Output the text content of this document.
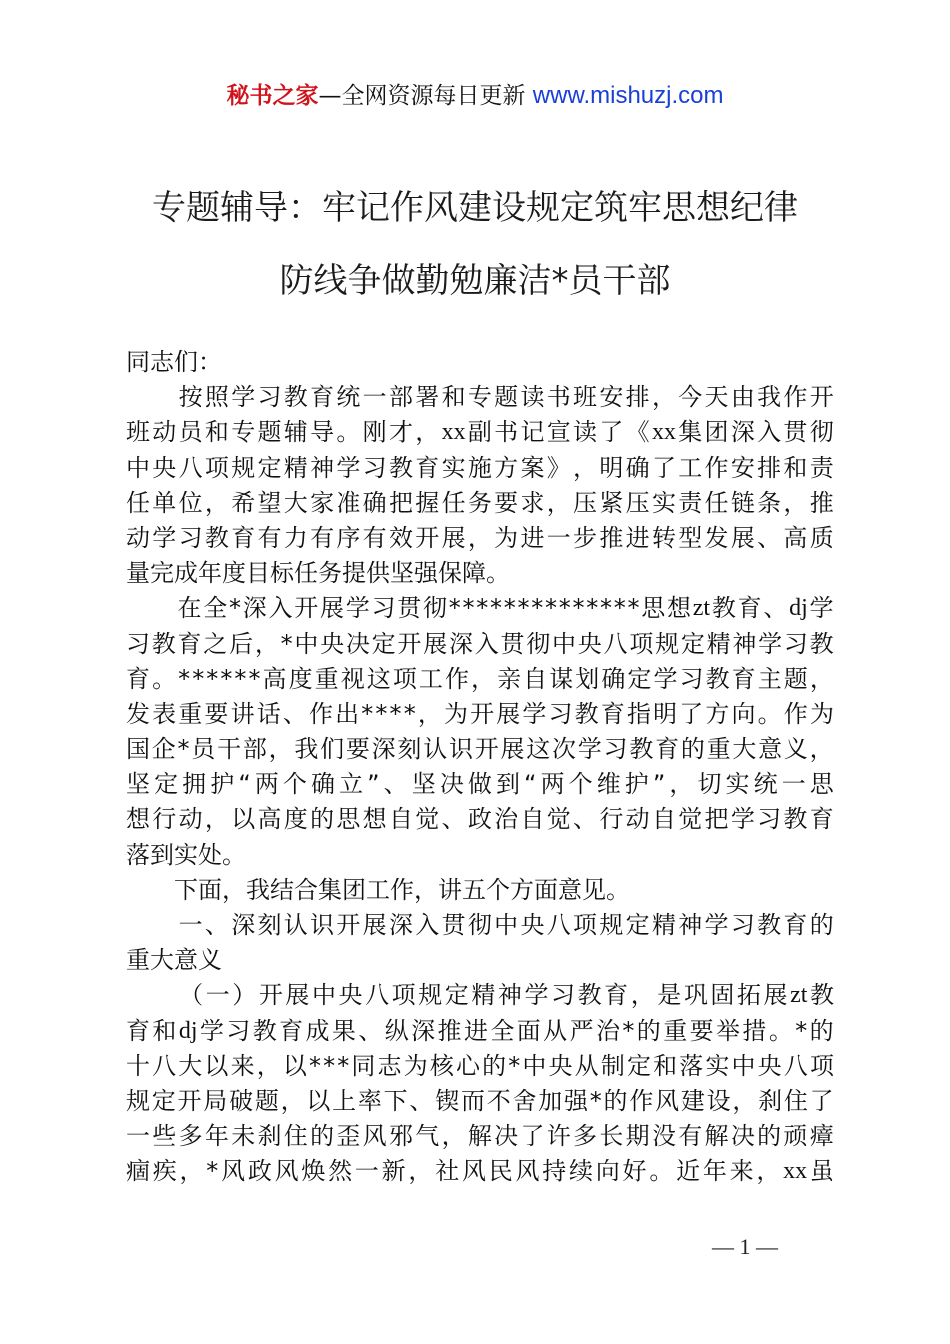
秘书之家—全网资源每日更新 www.mishuzj.com
专题辅导：牢记作风建设规定筑牢思想纪律
防线争做勤勉廉洁*员干部
同志们：

按 照 学 习 教 育 统 一 部 署 和 专 题 读 书 班 安 排 ， 今 天 由 我 作 开
班 动 员 和 专 题 辅 导 。 刚 才 ， xx 副 书 记 宣 读 了 《 xx 集 团 深 入 贯 彻
中 央 八 项 规 定 精 神 学 习 教 育 实 施 方 案 》 ， 明 确 了 工 作 安 排 和 责
任 单 位 ， 希 望 大 家 准 确 把 握 任 务 要 求 ， 压 紧 压 实 责 任 链 条 ， 推
动 学 习 教 育 有 力 有 序 有 效 开 展 ， 为 进 一 步 推 进 转 型 发 展 、 高 质
量完成年度目标任务提供坚强保障。

在 全 * 深 入 开 展 学 习 贯 彻 * * * * * * * * * * * * * * 思 想 zt 教 育 、 dj 学
习 教 育 之 后 ， * 中 央 决 定 开 展 深 入 贯 彻 中 央 八 项 规 定 精 神 学 习 教
育 。 * * * * * * 高 度 重 视 这 项 工 作 ， 亲 自 谋 划 确 定 学 习 教 育 主 题 ，
发 表 重 要 讲 话 、 作 出 * * * * ， 为 开 展 学 习 教 育 指 明 了 方 向 。 作 为
国 企 * 员 干 部 ， 我 们 要 深 刻 认 识 开 展 这 次 学 习 教 育 的 重 大 意 义 ，
坚 定 拥 护 “ 两 个 确 立 ” 、 坚 决 做 到 “ 两 个 维 护 ” ， 切 实 统 一 思
想 行 动 ， 以 高 度 的 思 想 自 觉 、 政 治 自 觉 、 行 动 自 觉 把 学 习 教 育
落到实处。
　　下面，我结合集团工作，讲五个方面意见。

一 、 深 刻 认 识 开 展 深 入 贯 彻 中 央 八 项 规 定 精 神 学 习 教 育 的
重大意义

（ 一 ） 开 展 中 央 八 项 规 定 精 神 学 习 教 育 ， 是 巩 固 拓 展 zt 教
育 和 dj 学 习 教 育 成 果 、 纵 深 推 进 全 面 从 严 治 * 的 重 要 举 措 。 * 的
十 八 大 以 来 ， 以 * * * 同 志 为 核 心 的 * 中 央 从 制 定 和 落 实 中 央 八 项
规 定 开 局 破 题 ， 以 上 率 下 、 锲 而 不 舍 加 强 * 的 作 风 建 设 ， 刹 住 了
一 些 多 年 未 刹 住 的 歪 风 邪 气 ， 解 决 了 许 多 长 期 没 有 解 决 的 顽 瘴
痼 疾 ， * 风 政 风 焕 然 一 新 ， 社 风 民 风 持 续 向 好 。 近 年 来 ， xx 虽
— 1 —
